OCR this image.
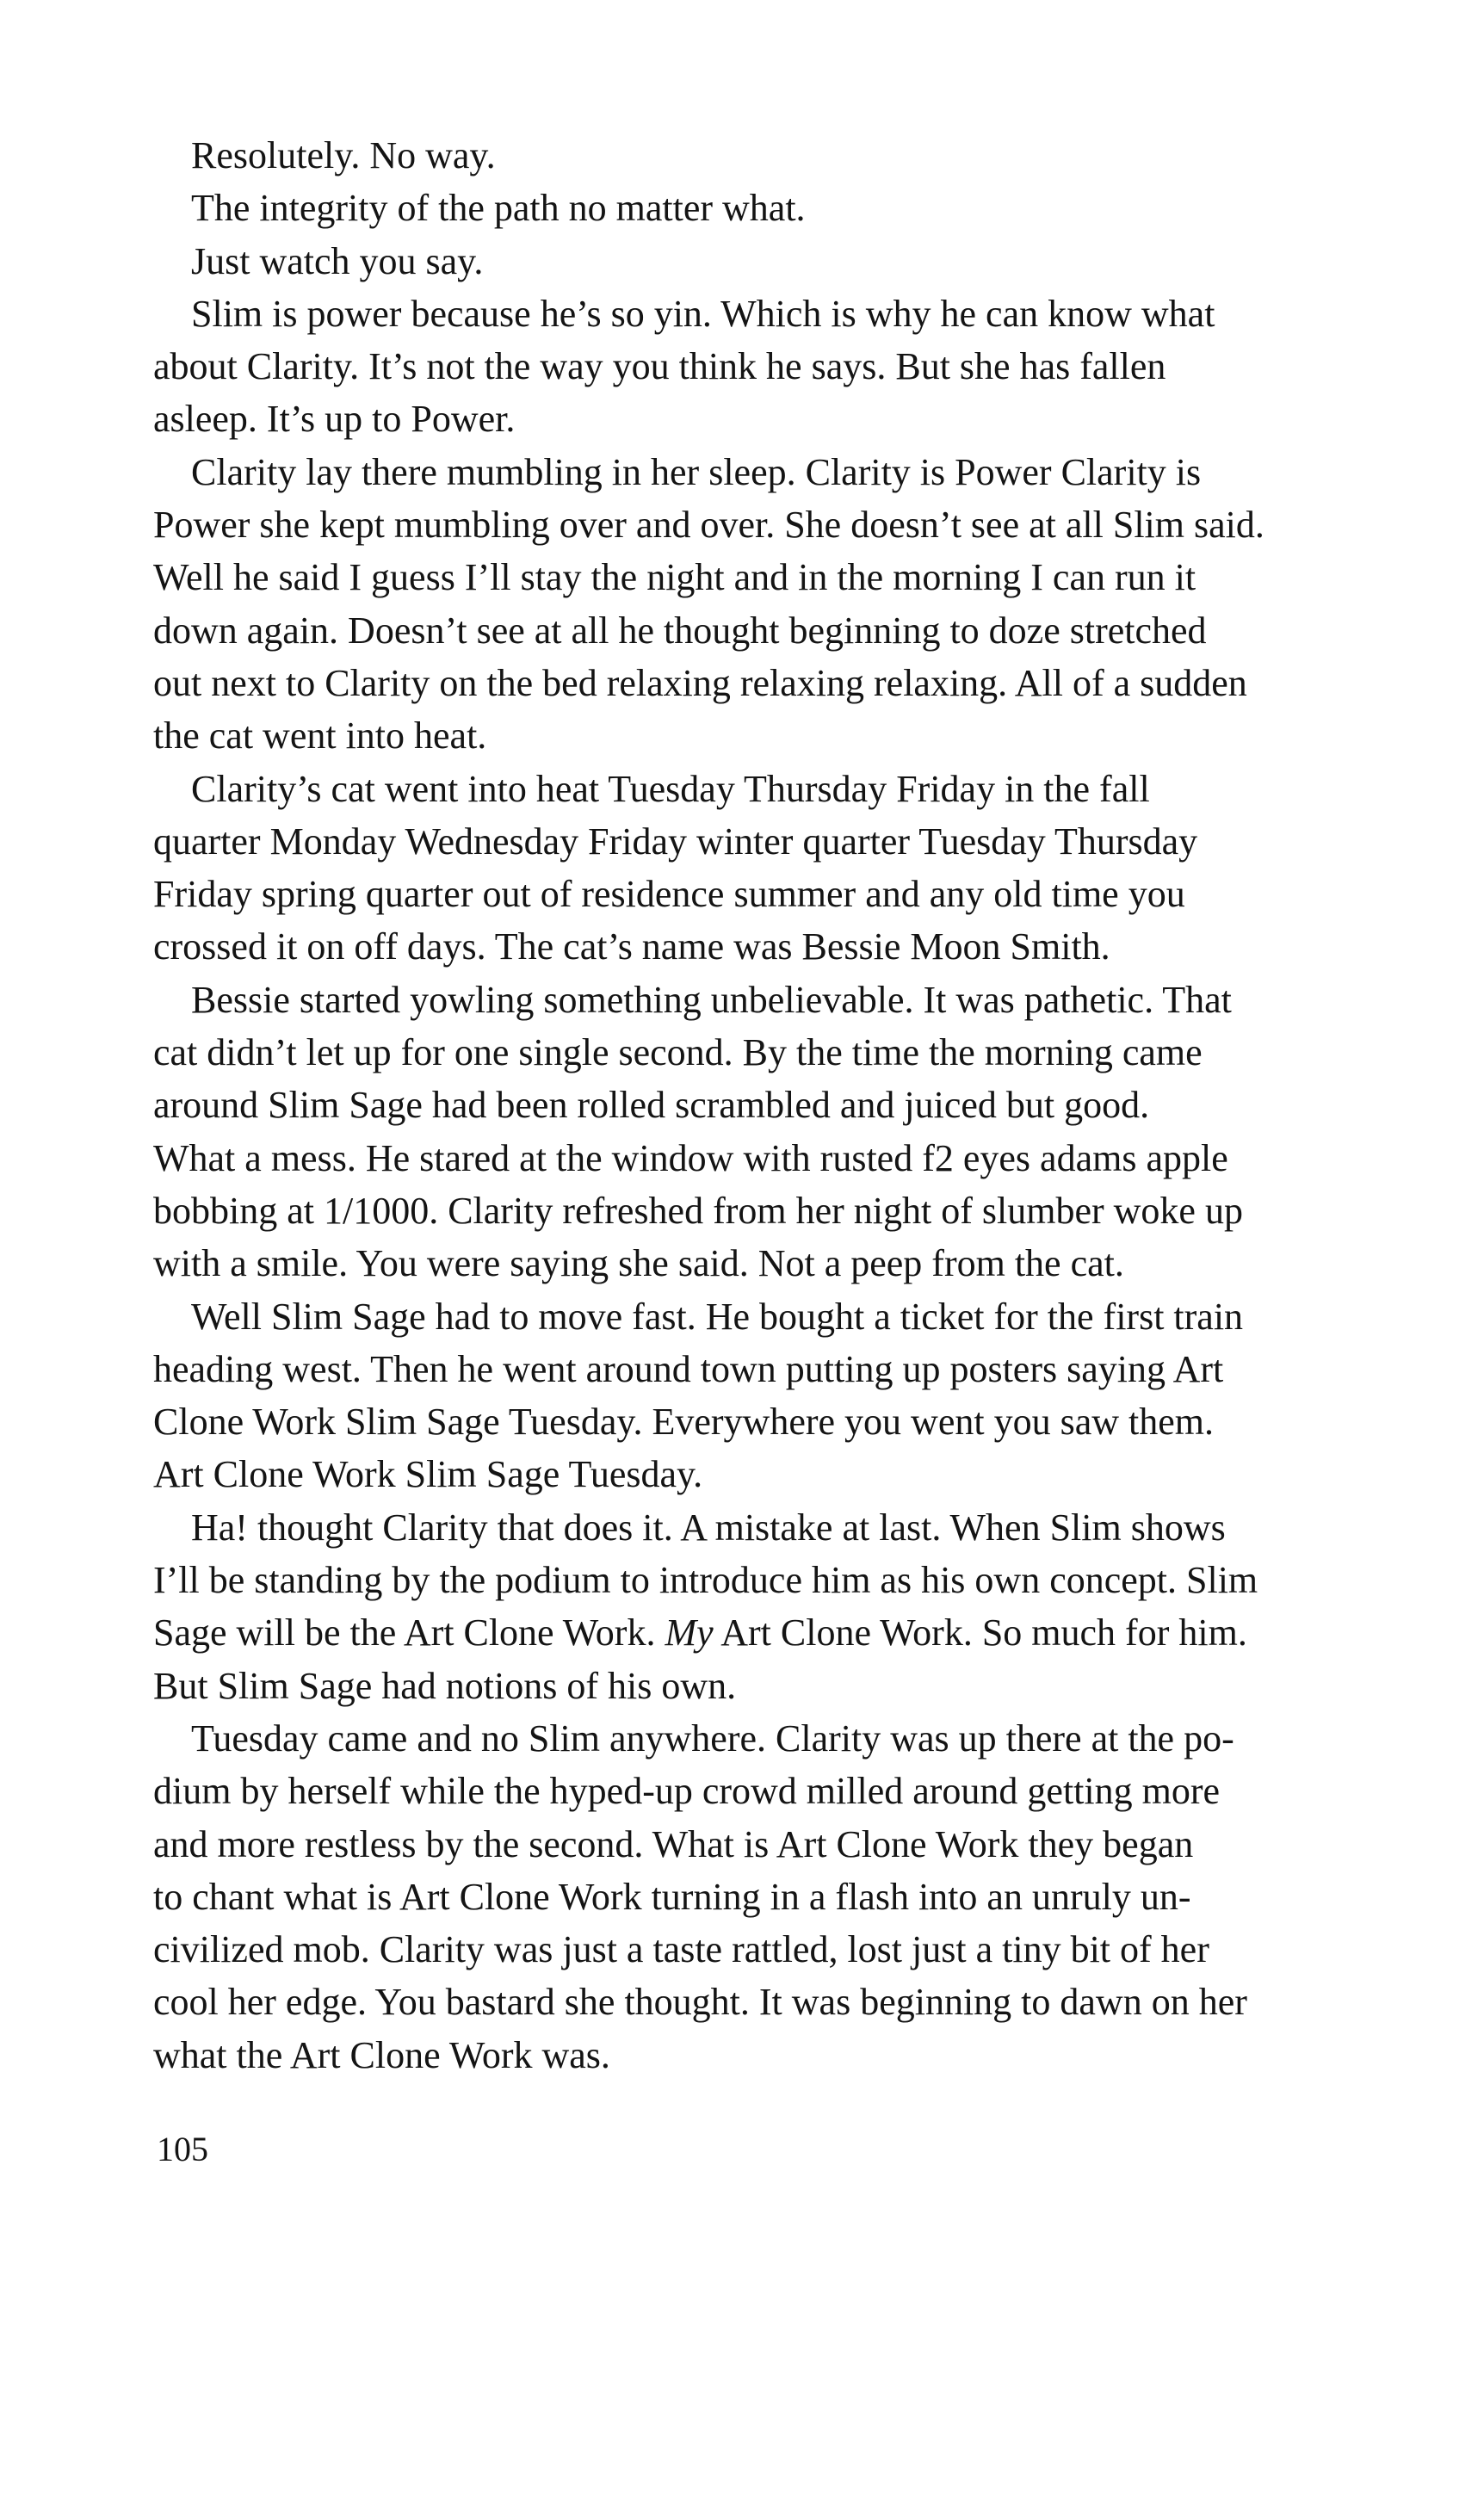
Resolutely. No way.
The integrity of the path no matter what.
Just watch you say.
Slim is power because he’s so yin. Which is why he can know what
about Clarity. It’s not the way you think he says. But she has fallen
asleep. It’s up to Power.
Clarity lay there mumbling in her sleep. Clarity is Power Clarity is
Power she kept mumbling over and over. She doesn’t see at all Slim said.
Well he said I guess I’ll stay the night and in the morning I can run it
down again. Doesn’t see at all he thought beginning to doze stretched
out next to Clarity on the bed relaxing relaxing relaxing. All of a sudden
the cat went into heat.
Clarity’s cat went into heat Tuesday Thursday Friday in the fall
quarter Monday Wednesday Friday winter quarter Tuesday Thursday
Friday spring quarter out of residence summer and any old time you
crossed it on off days. The cat’s name was Bessie Moon Smith.
Bessie started yowling something unbelievable. It was pathetic. That
cat didn’t let up for one single second. By the time the morning came
around Slim Sage had been rolled scrambled and juiced but good.
What a mess. He stared at the window with rusted f2 eyes adams apple
bobbing at 1/1000. Clarity refreshed from her night of slumber woke up
with a smile. You were saying she said. Not a peep from the cat.
Well Slim Sage had to move fast. He bought a ticket for the first train
heading west. Then he went around town putting up posters saying Art
Clone Work Slim Sage Tuesday. Everywhere you went you saw them.
Art Clone Work Slim Sage Tuesday.
Ha! thought Clarity that does it. A mistake at last. When Slim shows
I’ll be standing by the podium to introduce him as his own concept. Slim
Sage will be the Art Clone Work. My Art Clone Work. So much for him.
But Slim Sage had notions of his own.
Tuesday came and no Slim anywhere. Clarity was up there at the po-
dium by herself while the hyped-up crowd milled around getting more
and more restless by the second. What is Art Clone Work they began
to chant what is Art Clone Work turning in a flash into an unruly un-
civilized mob. Clarity was just a taste rattled, lost just a tiny bit of her
cool her edge. You bastard she thought. It was beginning to dawn on her
what the Art Clone Work was.
105
